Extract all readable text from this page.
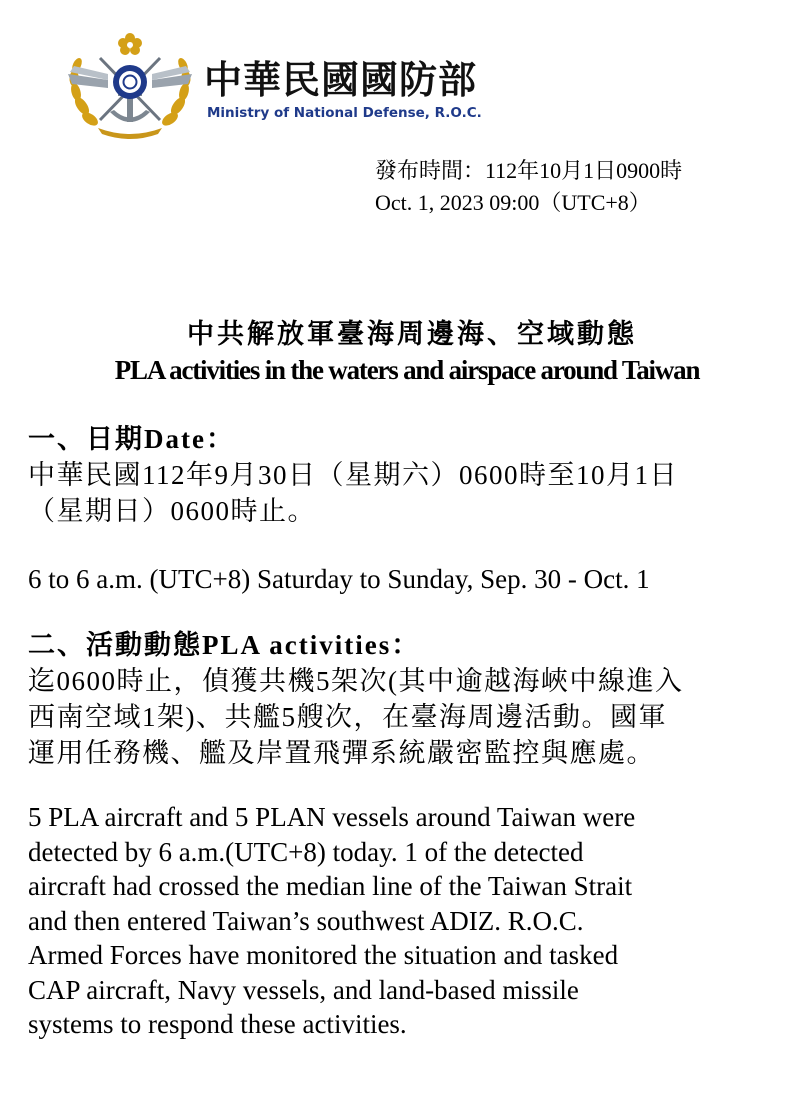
中華民國國防部
Ministry of National Defense, R.O.C.
發布時間：112年10月1日0900時
Oct. 1, 2023 09:00（UTC+8）
中共解放軍臺海周邊海、空域動態
PLA activities in the waters and airspace around Taiwan
一、日期Date：
中華民國112年9月30日（星期六）0600時至10月1日
（星期日）0600時止。
6 to 6 a.m. (UTC+8) Saturday to Sunday, Sep. 30 - Oct. 1
二、活動動態PLA activities：
迄0600時止，偵獲共機5架次(其中逾越海峽中線進入
西南空域1架)、共艦5艘次，在臺海周邊活動。國軍
運用任務機、艦及岸置飛彈系統嚴密監控與應處。
5 PLA aircraft and 5 PLAN vessels around Taiwan were
detected by 6 a.m.(UTC+8) today. 1 of the detected
aircraft had crossed the median line of the Taiwan Strait
and then entered Taiwan’s southwest ADIZ. R.O.C.
Armed Forces have monitored the situation and tasked
CAP aircraft, Navy vessels, and land-based missile
systems to respond these activities.
